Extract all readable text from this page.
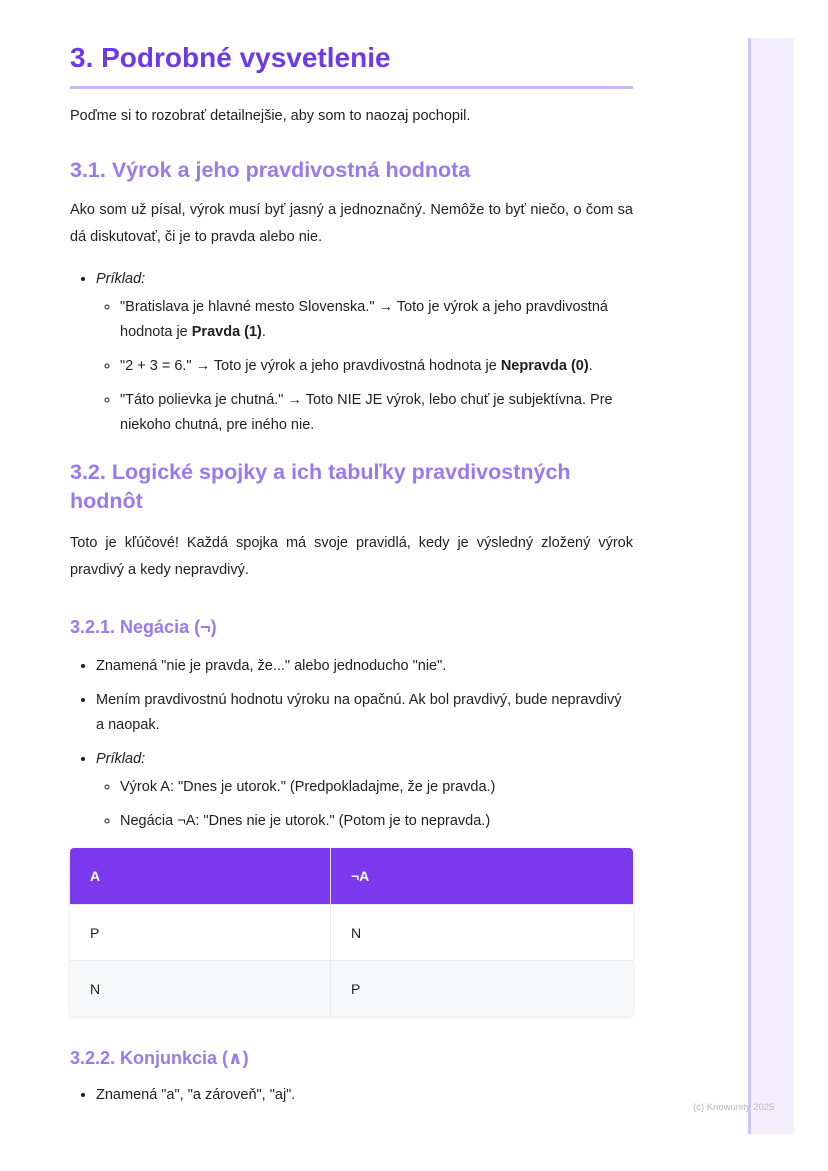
(c) Knowunity 2025
3. Podrobné vysvetlenie

Poďme si to rozobrať detailnejšie, aby som to naozaj pochopil.

3.1. Výrok a jeho pravdivostná hodnota

Ako som už písal, výrok musí byť jasný a jednoznačný. Nemôže to byť niečo, o čom sa dá diskutovať, či je to pravda alebo nie.

• Príklad:
◦ "Bratislava je hlavné mesto Slovenska." → Toto je výrok a jeho pravdivostná hodnota je Pravda (1).
◦ "2 + 3 = 6." → Toto je výrok a jeho pravdivostná hodnota je Nepravda (0).
◦ "Táto polievka je chutná." → Toto NIE JE výrok, lebo chuť je subjektívna. Pre niekoho chutná, pre iného nie.
3.2. Logické spojky a ich tabuľky pravdivostných hodnôt

Toto je kľúčové! Každá spojka má svoje pravidlá, kedy je výsledný zložený výrok pravdivý a kedy nepravdivý.

3.2.1. Negácia (¬)
• Znamená "nie je pravda, že..." alebo jednoducho "nie".
• Mením pravdivostnú hodnotu výroku na opačnú. Ak bol pravdivý, bude nepravdivý a naopak.
• Príklad:
◦ Výrok A: "Dnes je utorok." (Predpokladajme, že je pravda.)
◦ Negácia ¬A: "Dnes nie je utorok." (Potom je to nepravda.)
A	¬A
P	N
N	P
3.2.2. Konjunkcia (∧)
• Znamená "a", "a zároveň", "aj".
